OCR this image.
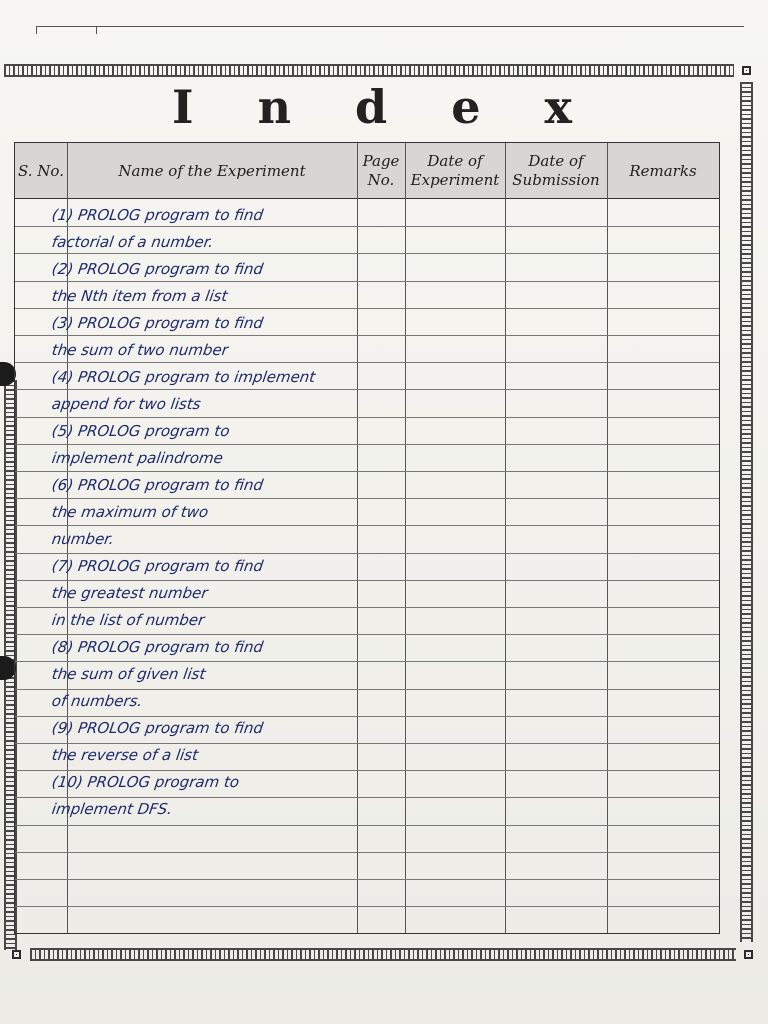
I n d e x
S. No.	Name of the Experiment
Page No.
Date of Experiment
Date of Submission
Remarks
(1) PROLOG program to find
factorial of a number.
(2) PROLOG program to find
the Nth item from a list
(3) PROLOG program to find
the sum of two number
(4) PROLOG program to implement
append for two lists
(5) PROLOG program to
implement palindrome
(6) PROLOG program to find
the maximum of two
number.
(7) PROLOG program to find
the greatest number
in the list of number
(8) PROLOG program to find
the sum of given list
of numbers.
(9) PROLOG program to find
the reverse of a list
(10) PROLOG program to
implement DFS.
